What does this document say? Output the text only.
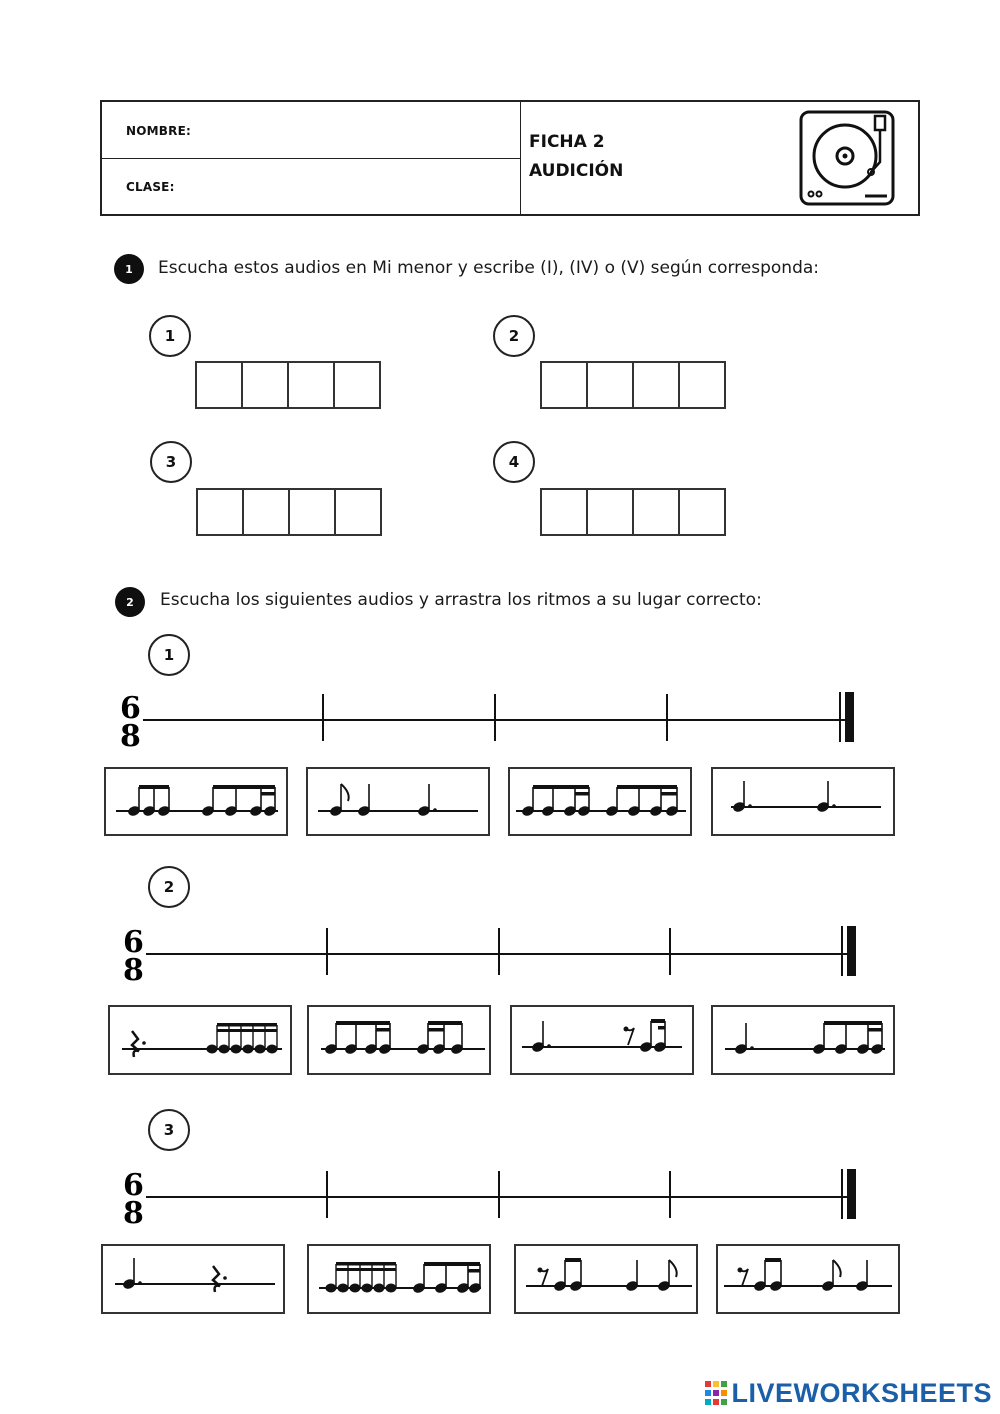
NOMBRE:
CLASE:
FICHA 2
AUDICIÓN
1	Escucha estos audios en Mi menor y escribe (I), (IV) o (V) según corresponda:
1	2
3	4
2	Escucha los siguientes audios y arrastra los ritmos a su lugar correcto:
1
6
8
2
6
8
3
6
8
LIVEWORKSHEETS
